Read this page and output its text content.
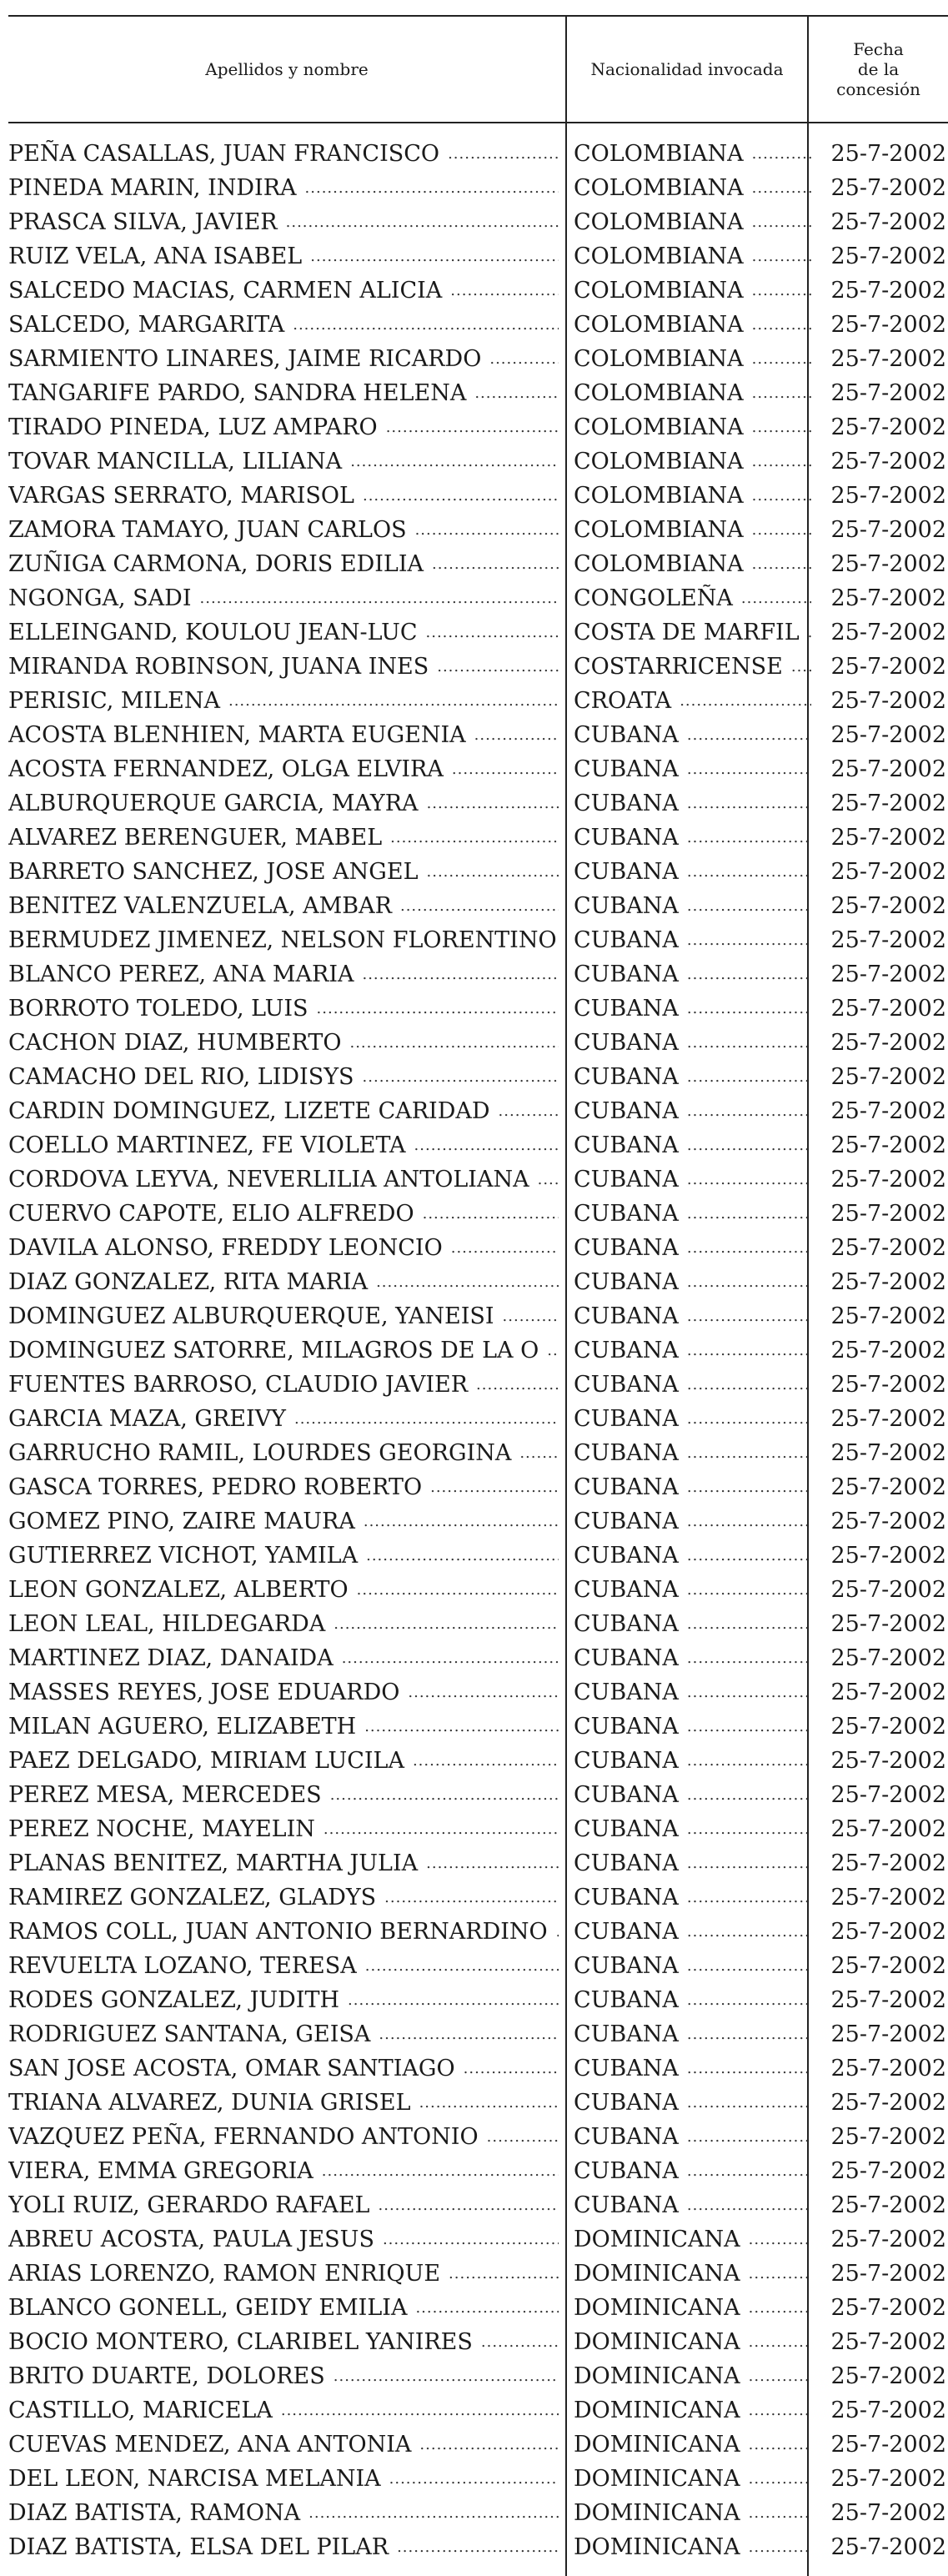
Apellidos y nombre	Nacionalidad invocada
Fecha
de la
concesión
PEÑA CASALLAS, JUAN FRANCISCO .....	COLOMBIANA .....	25-7-2002
PINEDA MARIN, INDIRA .....	COLOMBIANA .....	25-7-2002
PRASCA SILVA, JAVIER .....	COLOMBIANA .....	25-7-2002
RUIZ VELA, ANA ISABEL .....	COLOMBIANA .....	25-7-2002
SALCEDO MACIAS, CARMEN ALICIA .....	COLOMBIANA .....	25-7-2002
SALCEDO, MARGARITA .....	COLOMBIANA .....	25-7-2002
SARMIENTO LINARES, JAIME RICARDO .....	COLOMBIANA .....	25-7-2002
TANGARIFE PARDO, SANDRA HELENA .....	COLOMBIANA .....	25-7-2002
TIRADO PINEDA, LUZ AMPARO .....	COLOMBIANA .....	25-7-2002
TOVAR MANCILLA, LILIANA .....	COLOMBIANA .....	25-7-2002
VARGAS SERRATO, MARISOL .....	COLOMBIANA .....	25-7-2002
ZAMORA TAMAYO, JUAN CARLOS .....	COLOMBIANA .....	25-7-2002
ZUÑIGA CARMONA, DORIS EDILIA .....	COLOMBIANA .....	25-7-2002
NGONGA, SADI .....	CONGOLEÑA .....	25-7-2002
ELLEINGAND, KOULOU JEAN-LUC .....	COSTA DE MARFIL ..... 25-7-2002
MIRANDA ROBINSON, JUANA INES .....	COSTARRICENSE ..... 25-7-2002
PERISIC, MILENA .....	CROATA .....	25-7-2002
ACOSTA BLENHIEN, MARTA EUGENIA .....	CUBANA .....	25-7-2002
ACOSTA FERNANDEZ, OLGA ELVIRA .....	CUBANA .....	25-7-2002
ALBURQUERQUE GARCIA, MAYRA .....	CUBANA .....	25-7-2002
ALVAREZ BERENGUER, MABEL .....	CUBANA .....	25-7-2002
BARRETO SANCHEZ, JOSE ANGEL .....	CUBANA .....	25-7-2002
BENITEZ VALENZUELA, AMBAR .....	CUBANA .....	25-7-2002
BERMUDEZ JIMENEZ, NELSON FLORENTINO CUBANA .....	25-7-2002
BLANCO PEREZ, ANA MARIA .....	CUBANA .....	25-7-2002
BORROTO TOLEDO, LUIS .....	CUBANA .....	25-7-2002
CACHON DIAZ, HUMBERTO .....	CUBANA .....	25-7-2002
CAMACHO DEL RIO, LIDISYS .....	CUBANA .....	25-7-2002
CARDIN DOMINGUEZ, LIZETE CARIDAD .....	CUBANA .....	25-7-2002
COELLO MARTINEZ, FE VIOLETA .....	CUBANA .....	25-7-2002
CORDOVA LEYVA, NEVERLILIA ANTOLIANA ..... CUBANA .....	25-7-2002
CUERVO CAPOTE, ELIO ALFREDO .....	CUBANA .....	25-7-2002
DAVILA ALONSO, FREDDY LEONCIO .....	CUBANA .....	25-7-2002
DIAZ GONZALEZ, RITA MARIA .....	CUBANA .....	25-7-2002
DOMINGUEZ ALBURQUERQUE, YANEISI .....	CUBANA .....	25-7-2002
DOMINGUEZ SATORRE, MILAGROS DE LA O ..... CUBANA .....	25-7-2002
FUENTES BARROSO, CLAUDIO JAVIER .....	CUBANA .....	25-7-2002
GARCIA MAZA, GREIVY .....	CUBANA .....	25-7-2002
GARRUCHO RAMIL, LOURDES GEORGINA .....	CUBANA .....	25-7-2002
GASCA TORRES, PEDRO ROBERTO .....	CUBANA .....	25-7-2002
GOMEZ PINO, ZAIRE MAURA .....	CUBANA .....	25-7-2002
GUTIERREZ VICHOT, YAMILA .....	CUBANA .....	25-7-2002
LEON GONZALEZ, ALBERTO .....	CUBANA .....	25-7-2002
LEON LEAL, HILDEGARDA .....	CUBANA .....	25-7-2002
MARTINEZ DIAZ, DANAIDA .....	CUBANA .....	25-7-2002
MASSES REYES, JOSE EDUARDO .....	CUBANA .....	25-7-2002
MILAN AGUERO, ELIZABETH .....	CUBANA .....	25-7-2002
PAEZ DELGADO, MIRIAM LUCILA .....	CUBANA .....	25-7-2002
PEREZ MESA, MERCEDES .....	CUBANA .....	25-7-2002
PEREZ NOCHE, MAYELIN .....	CUBANA .....	25-7-2002
PLANAS BENITEZ, MARTHA JULIA .....	CUBANA .....	25-7-2002
RAMIREZ GONZALEZ, GLADYS .....	CUBANA .....	25-7-2002
RAMOS COLL, JUAN ANTONIO BERNARDINO ..... CUBANA .....	25-7-2002
REVUELTA LOZANO, TERESA .....	CUBANA .....	25-7-2002
RODES GONZALEZ, JUDITH .....	CUBANA .....	25-7-2002
RODRIGUEZ SANTANA, GEISA .....	CUBANA .....	25-7-2002
SAN JOSE ACOSTA, OMAR SANTIAGO .....	CUBANA .....	25-7-2002
TRIANA ALVAREZ, DUNIA GRISEL .....	CUBANA .....	25-7-2002
VAZQUEZ PEÑA, FERNANDO ANTONIO .....	CUBANA .....	25-7-2002
VIERA, EMMA GREGORIA .....	CUBANA .....	25-7-2002
YOLI RUIZ, GERARDO RAFAEL .....	CUBANA .....	25-7-2002
ABREU ACOSTA, PAULA JESUS .....	DOMINICANA .....	25-7-2002
ARIAS LORENZO, RAMON ENRIQUE .....	DOMINICANA .....	25-7-2002
BLANCO GONELL, GEIDY EMILIA .....	DOMINICANA .....	25-7-2002
BOCIO MONTERO, CLARIBEL YANIRES .....	DOMINICANA .....	25-7-2002
BRITO DUARTE, DOLORES .....	DOMINICANA .....	25-7-2002
CASTILLO, MARICELA .....	DOMINICANA .....	25-7-2002
CUEVAS MENDEZ, ANA ANTONIA .....	DOMINICANA .....	25-7-2002
DEL LEON, NARCISA MELANIA .....	DOMINICANA .....	25-7-2002
DIAZ BATISTA, RAMONA .....	DOMINICANA .....	25-7-2002
DIAZ BATISTA, ELSA DEL PILAR .....	DOMINICANA .....	25-7-2002
